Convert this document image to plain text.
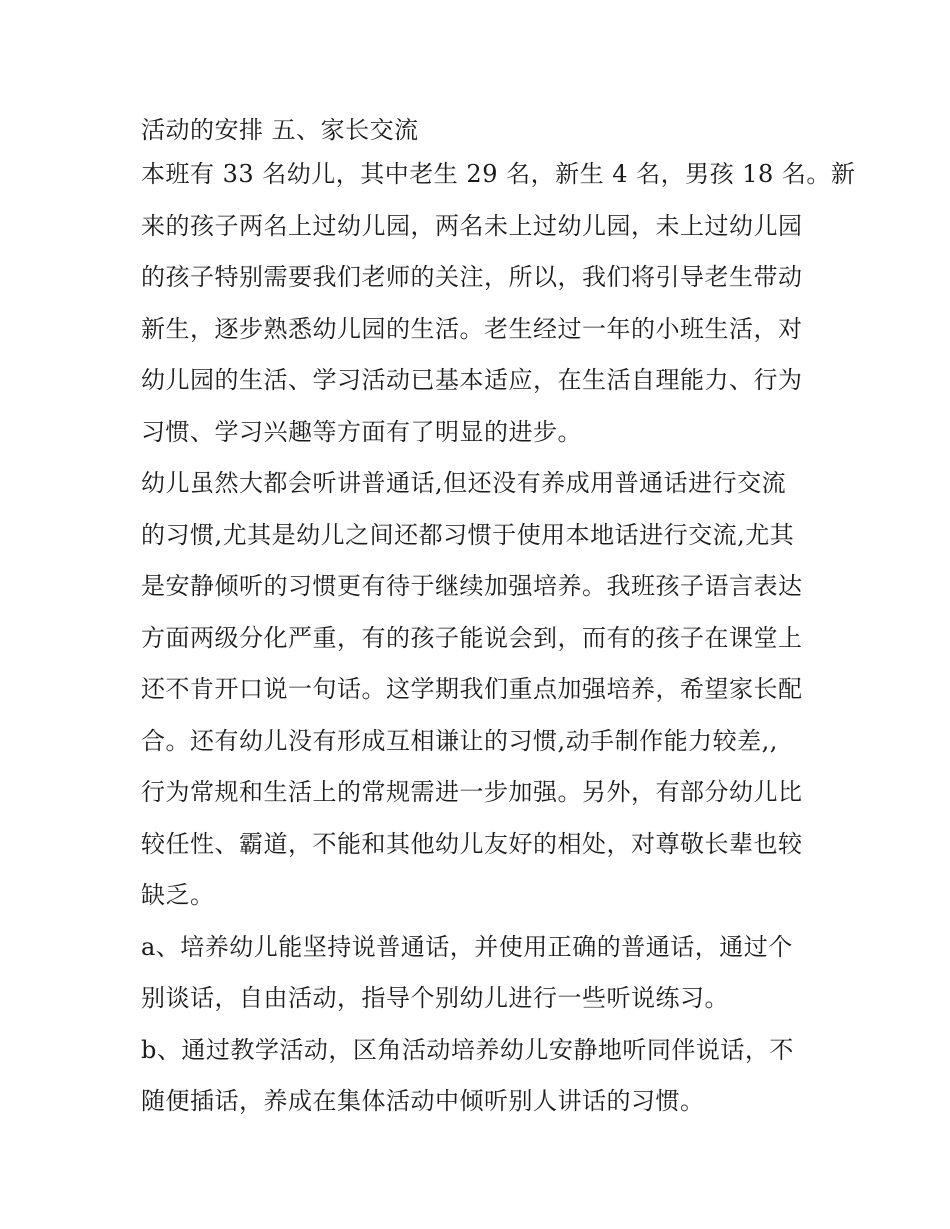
活动的安排 五、家长交流
本班有 33 名幼儿，其中老生 29 名，新生 4 名，男孩 18 名。新
来的孩子两名上过幼儿园，两名未上过幼儿园，未上过幼儿园
的孩子特别需要我们老师的关注，所以，我们将引导老生带动
新生，逐步熟悉幼儿园的生活。老生经过一年的小班生活，对
幼儿园的生活、学习活动已基本适应，在生活自理能力、行为
习惯、学习兴趣等方面有了明显的进步。
幼儿虽然大都会听讲普通话,但还没有养成用普通话进行交流
的习惯,尤其是幼儿之间还都习惯于使用本地话进行交流,尤其
是安静倾听的习惯更有待于继续加强培养。我班孩子语言表达
方面两级分化严重，有的孩子能说会到，而有的孩子在课堂上
还不肯开口说一句话。这学期我们重点加强培养，希望家长配
合。还有幼儿没有形成互相谦让的习惯,动手制作能力较差,,
行为常规和生活上的常规需进一步加强。另外，有部分幼儿比
较任性、霸道，不能和其他幼儿友好的相处，对尊敬长辈也较
缺乏。
a、培养幼儿能坚持说普通话，并使用正确的普通话，通过个
别谈话，自由活动，指导个别幼儿进行一些听说练习。
b、通过教学活动，区角活动培养幼儿安静地听同伴说话，不
随便插话，养成在集体活动中倾听别人讲话的习惯。
